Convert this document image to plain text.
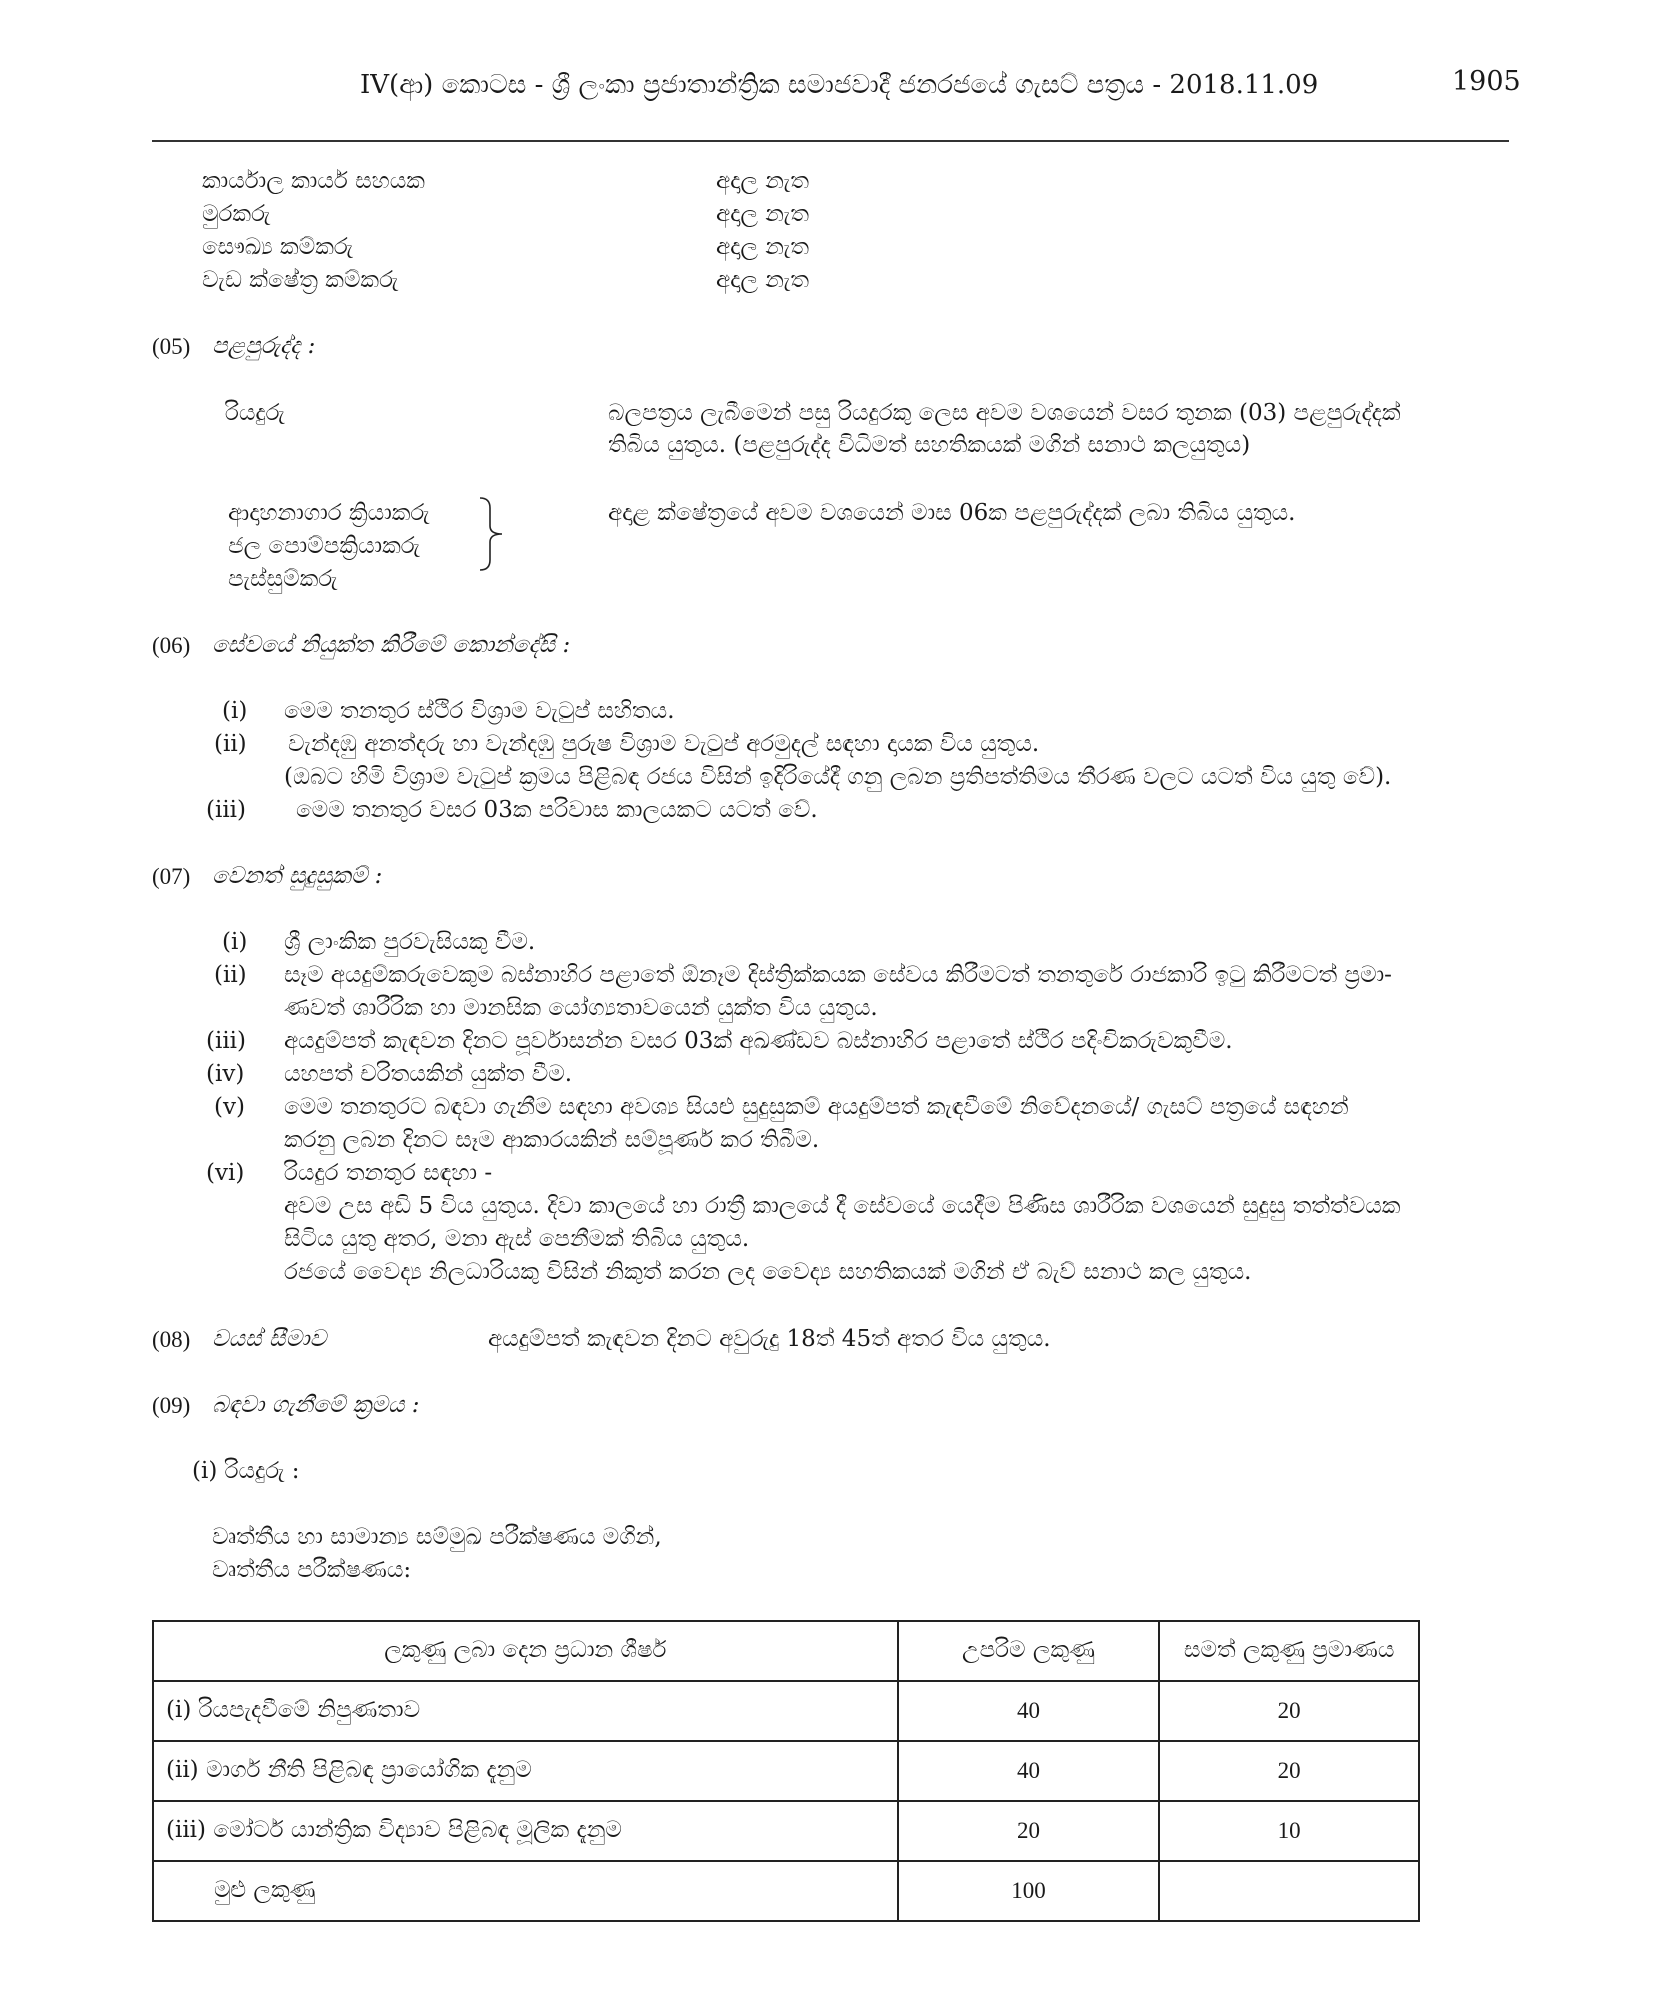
IV(ආ) කොටස - ශ්‍රී ලංකා ප්‍රජාතාන්ත්‍රික සමාජවාදී ජනරජයේ ගැසට් පත්‍රය - 2018.11.09	1905
කාර්යාල කාර්ය සහයක	අදාල නැත
මුරකරු	අදාල නැත
සෞඛ්‍ය කම්කරු	අදාල නැත
වැඩ ක්ෂේත්‍ර කම්කරු	අදාල නැත
(05) පළපුරුද්ද :
රියදුරු	බලපත්‍රය ලැබීමෙන් පසු රියදුරකු ලෙස අවම වශයෙන් වසර තුනක (03) පළපුරුද්දක්
තිබිය යුතුය. (පළපුරුද්ද විධිමත් සහතිකයක් මගින් සනාථ කලයුතුය)
ආදාහනාගාර ක්‍රියාකරු
ජල පොම්පක්‍රියාකරු
පැස්සුම්කරු
අදාළ ක්ෂේත්‍රයේ අවම වශයෙන් මාස 06ක පළපුරුද්දක් ලබා තිබිය යුතුය.
(06) සේවයේ නියුක්ත කිරීමේ කොන්දේසි :
(i) මෙම තනතුර ස්ථිර විශ්‍රාම වැටුප් සහිතය.
(ii) වැන්දඹු අනත්දරු හා වැන්දඹු පුරුෂ විශ්‍රාම වැටුප් අරමුදල් සඳහා දායක විය යුතුය.
(ඔබට හිමි විශ්‍රාම වැටුප් ක්‍රමය පිළිබඳ රජය විසින් ඉදිරියේදී ගනු ලබන ප්‍රතිපත්තිමය තීරණ වලට යටත් විය යුතු වේ).
(iii) මෙම තනතුර වසර 03ක පරිවාස කාලයකට යටත් වේ.
(07) වෙනත් සුදුසුකම් :
(i) ශ්‍රී ලාංකික පුරවැසියකු වීම.
(ii) සෑම අයදුම්කරුවෙකුම බස්නාහිර පළාතේ ඕනෑම දිස්ත්‍රික්කයක සේවය කිරීමටත් තනතුරේ රාජකාරි ඉටු කිරීමටත් ප්‍රමා-
ණවත් ශාරීරික හා මානසික යෝග්‍යතාවයෙන් යුක්ත විය යුතුය.
(iii) අයදුම්පත් කැඳවන දිනට පූර්වාසන්න වසර 03ක් අඛණ්ඩව බස්නාහිර පළාතේ ස්ථිර පදිංචිකරුවකුවීම.
(iv) යහපත් චරිතයකින් යුක්ත වීම.
(v) මෙම තනතුරට බඳවා ගැනීම සඳහා අවශ්‍ය සියළු සුදුසුකම් අයදුම්පත් කැඳවීමේ නිවේදනයේ/ ගැසට් පත්‍රයේ සඳහන්
කරනු ලබන දිනට සෑම ආකාරයකින් සම්පූර්ණ කර තිබීම.
(vi) රියදුර තනතුර සඳහා -
අවම උස අඩි 5 විය යුතුය. දිවා කාලයේ හා රාත්‍රී කාලයේ දී සේවයේ යෙදීම පිණිස ශාරීරික වශයෙන් සුදුසු තත්ත්වයක
සිටිය යුතු අතර, මනා ඇස් පෙනීමක් තිබිය යුතුය.
රජයේ වෛද්‍ය නිලධාරියකු විසින් නිකුත් කරන ලද වෛද්‍ය සහතිකයක් මගින් ඒ බැව් සනාථ කල යුතුය.
(08) වයස් සීමාව	අයදුම්පත් කැඳවන දිනට අවුරුදු 18ත් 45ත් අතර විය යුතුය.
(09) බඳවා ගැනීමේ ක්‍රමය :
(i) රියදුරු :
වෘත්තීය හා සාමාන්‍ය සම්මුඛ පරීක්ෂණය මගින්,
වෘත්තීය පරීක්ෂණය:
ලකුණු ලබා දෙන ප්‍රධාන ශීර්ෂ	උපරිම ලකුණු	සමත් ලකුණු ප්‍රමාණය
(i) රියපැදවීමේ නිපුණතාව	40	20
(ii) මාර්ග නීති පිළිබඳ ප්‍රායෝගික දැනුම	40	20
(iii) මෝටර් යාන්ත්‍රික විද්‍යාව පිළිබඳ මූලික දැනුම	20	10
මුළු ලකුණු	100	
